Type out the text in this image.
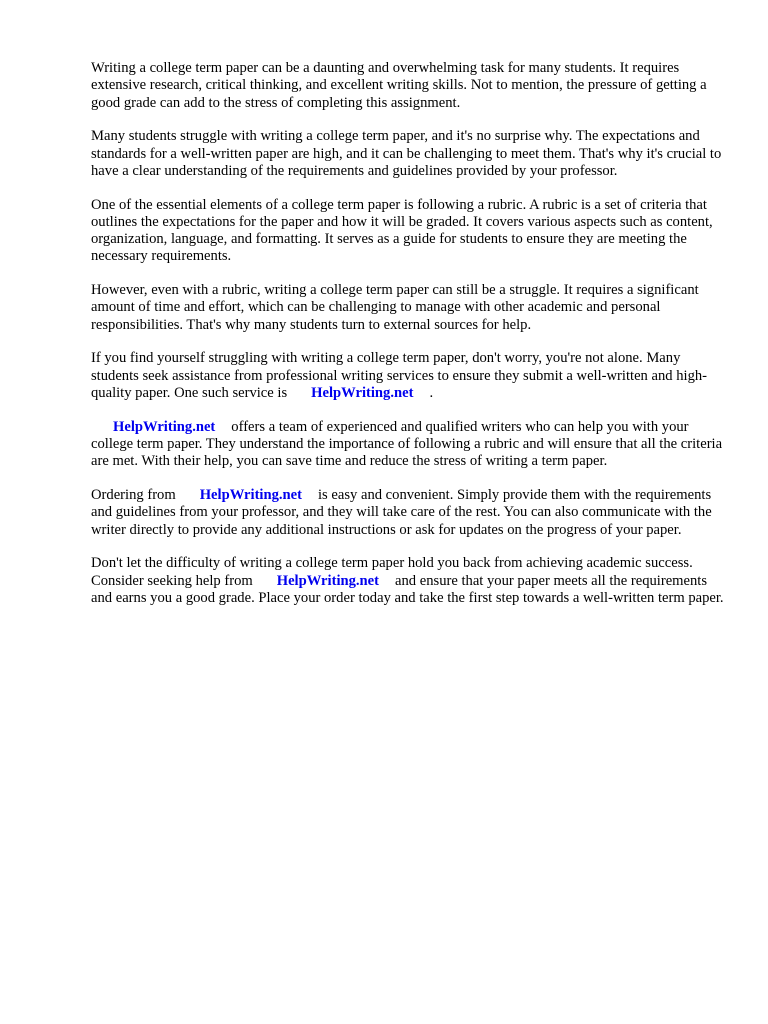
Writing a college term paper can be a daunting and overwhelming task for many students. It requires extensive research, critical thinking, and excellent writing skills. Not to mention, the pressure of getting a good grade can add to the stress of completing this assignment.

Many students struggle with writing a college term paper, and it's no surprise why. The expectations and standards for a well-written paper are high, and it can be challenging to meet them. That's why it's crucial to have a clear understanding of the requirements and guidelines provided by your professor.

One of the essential elements of a college term paper is following a rubric. A rubric is a set of criteria that outlines the expectations for the paper and how it will be graded. It covers various aspects such as content, organization, language, and formatting. It serves as a guide for students to ensure they are meeting the necessary requirements.

However, even with a rubric, writing a college term paper can still be a struggle. It requires a significant amount of time and effort, which can be challenging to manage with other academic and personal responsibilities. That's why many students turn to external sources for help.

If you find yourself struggling with writing a college term paper, don't worry, you're not alone. Many students seek assistance from professional writing services to ensure they submit a well-written and high-quality paper. One such service is HelpWriting.net .

HelpWriting.net offers a team of experienced and qualified writers who can help you with your college term paper. They understand the importance of following a rubric and will ensure that all the criteria are met. With their help, you can save time and reduce the stress of writing a term paper.

Ordering from HelpWriting.net is easy and convenient. Simply provide them with the requirements and guidelines from your professor, and they will take care of the rest. You can also communicate with the writer directly to provide any additional instructions or ask for updates on the progress of your paper.

Don't let the difficulty of writing a college term paper hold you back from achieving academic success. Consider seeking help from HelpWriting.net and ensure that your paper meets all the requirements and earns you a good grade. Place your order today and take the first step towards a well-written term paper.
